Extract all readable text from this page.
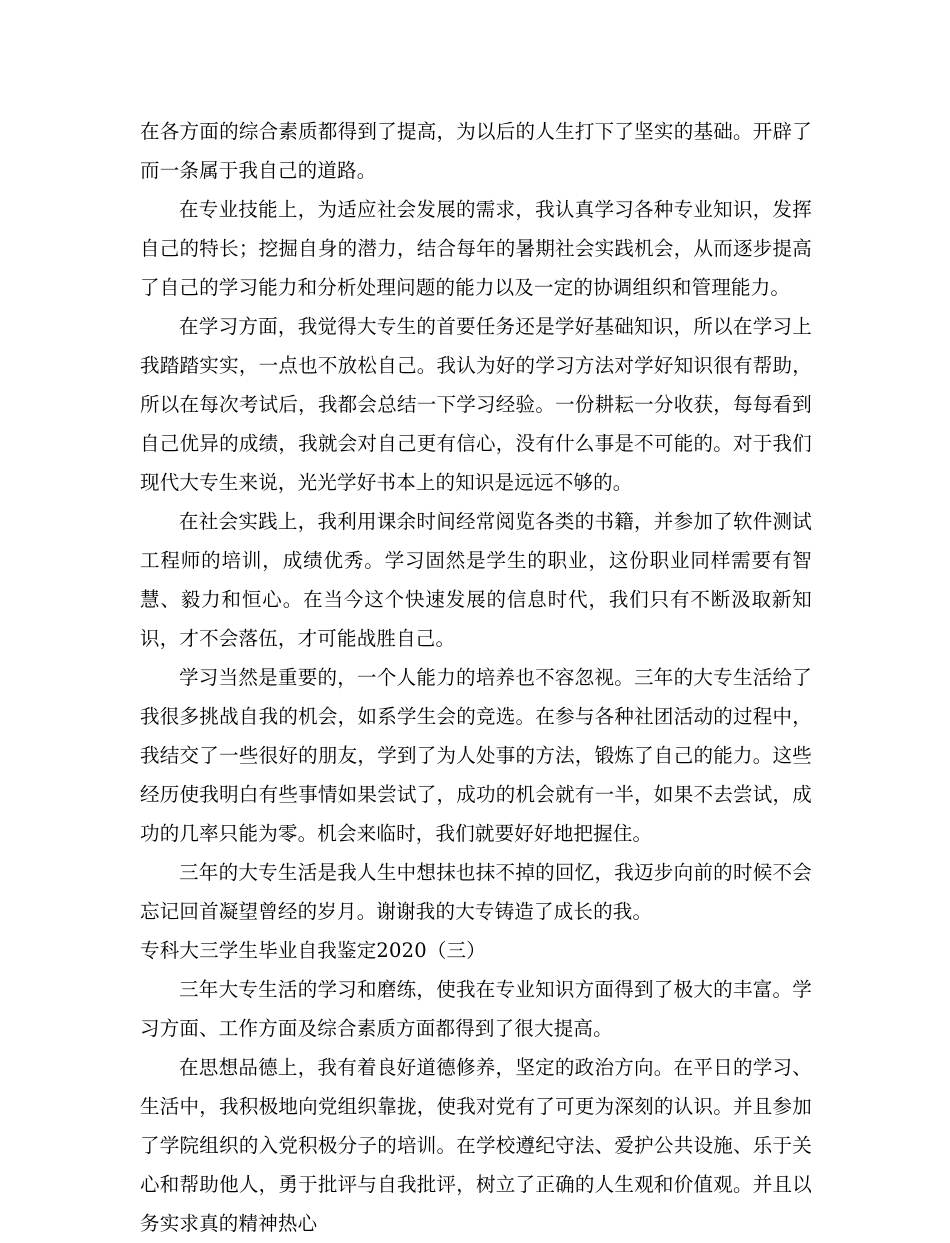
在各方面的综合素质都得到了提高，为以后的人生打下了坚实的基础。开辟了而一条属于我自己的道路。

在专业技能上，为适应社会发展的需求，我认真学习各种专业知识，发挥自己的特长；挖掘自身的潜力，结合每年的暑期社会实践机会，从而逐步提高了自己的学习能力和分析处理问题的能力以及一定的协调组织和管理能力。

在学习方面，我觉得大专生的首要任务还是学好基础知识，所以在学习上我踏踏实实，一点也不放松自己。我认为好的学习方法对学好知识很有帮助，所以在每次考试后，我都会总结一下学习经验。一份耕耘一分收获，每每看到自己优异的成绩，我就会对自己更有信心，没有什么事是不可能的。对于我们现代大专生来说，光光学好书本上的知识是远远不够的。

在社会实践上，我利用课余时间经常阅览各类的书籍，并参加了软件测试工程师的培训，成绩优秀。学习固然是学生的职业，这份职业同样需要有智慧、毅力和恒心。在当今这个快速发展的信息时代，我们只有不断汲取新知识，才不会落伍，才可能战胜自己。

学习当然是重要的，一个人能力的培养也不容忽视。三年的大专生活给了我很多挑战自我的机会，如系学生会的竞选。在参与各种社团活动的过程中，我结交了一些很好的朋友，学到了为人处事的方法，锻炼了自己的能力。这些经历使我明白有些事情如果尝试了，成功的机会就有一半，如果不去尝试，成功的几率只能为零。机会来临时，我们就要好好地把握住。

三年的大专生活是我人生中想抹也抹不掉的回忆，我迈步向前的时候不会忘记回首凝望曾经的岁月。谢谢我的大专铸造了成长的我。

专科大三学生毕业自我鉴定2020（三）

三年大专生活的学习和磨练，使我在专业知识方面得到了极大的丰富。学习方面、工作方面及综合素质方面都得到了很大提高。

在思想品德上，我有着良好道德修养，坚定的政治方向。在平日的学习、生活中，我积极地向党组织靠拢，使我对党有了可更为深刻的认识。并且参加了学院组织的入党积极分子的培训。在学校遵纪守法、爱护公共设施、乐于关心和帮助他人，勇于批评与自我批评，树立了正确的人生观和价值观。并且以务实求真的精神热心
